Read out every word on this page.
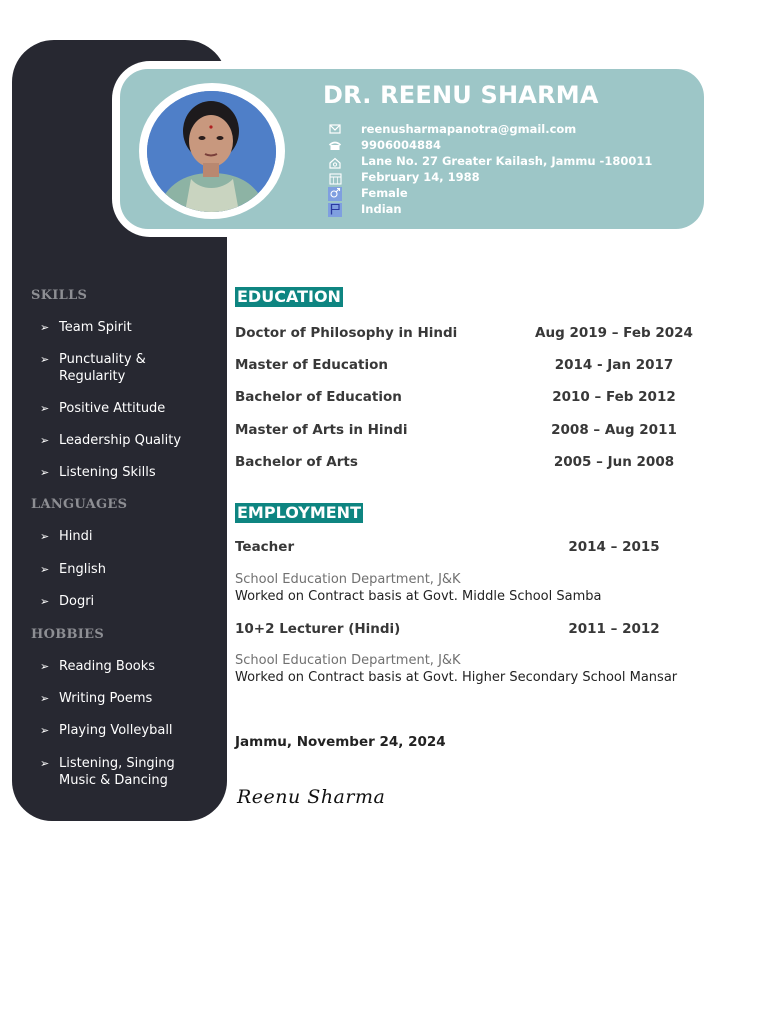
DR. REENU SHARMA
reenusharmapanotra@gmail.com
9906004884
Lane No. 27 Greater Kailash, Jammu -180011
February 14, 1988
Female
Indian
SKILLS
➢ Team Spirit
➢ Punctuality & Regularity
➢ Positive Attitude
➢ Leadership Quality
➢ Listening Skills
LANGUAGES
➢ Hindi
➢ English
➢ Dogri
HOBBIES
➢ Reading Books
➢ Writing Poems
➢ Playing Volleyball
➢ Listening, Singing Music & Dancing
EDUCATION
Doctor of Philosophy in Hindi	Aug 2019 – Feb 2024
Master of Education	2014 - Jan 2017
Bachelor of Education	2010 – Feb 2012
Master of Arts in Hindi	2008 – Aug 2011
Bachelor of Arts	2005 – Jun 2008
EMPLOYMENT
Teacher	2014 – 2015
School Education Department, J&K
Worked on Contract basis at Govt. Middle School Samba
10+2 Lecturer (Hindi)	2011 – 2012
School Education Department, J&K
Worked on Contract basis at Govt. Higher Secondary School Mansar
Jammu, November 24, 2024
Reenu Sharma
